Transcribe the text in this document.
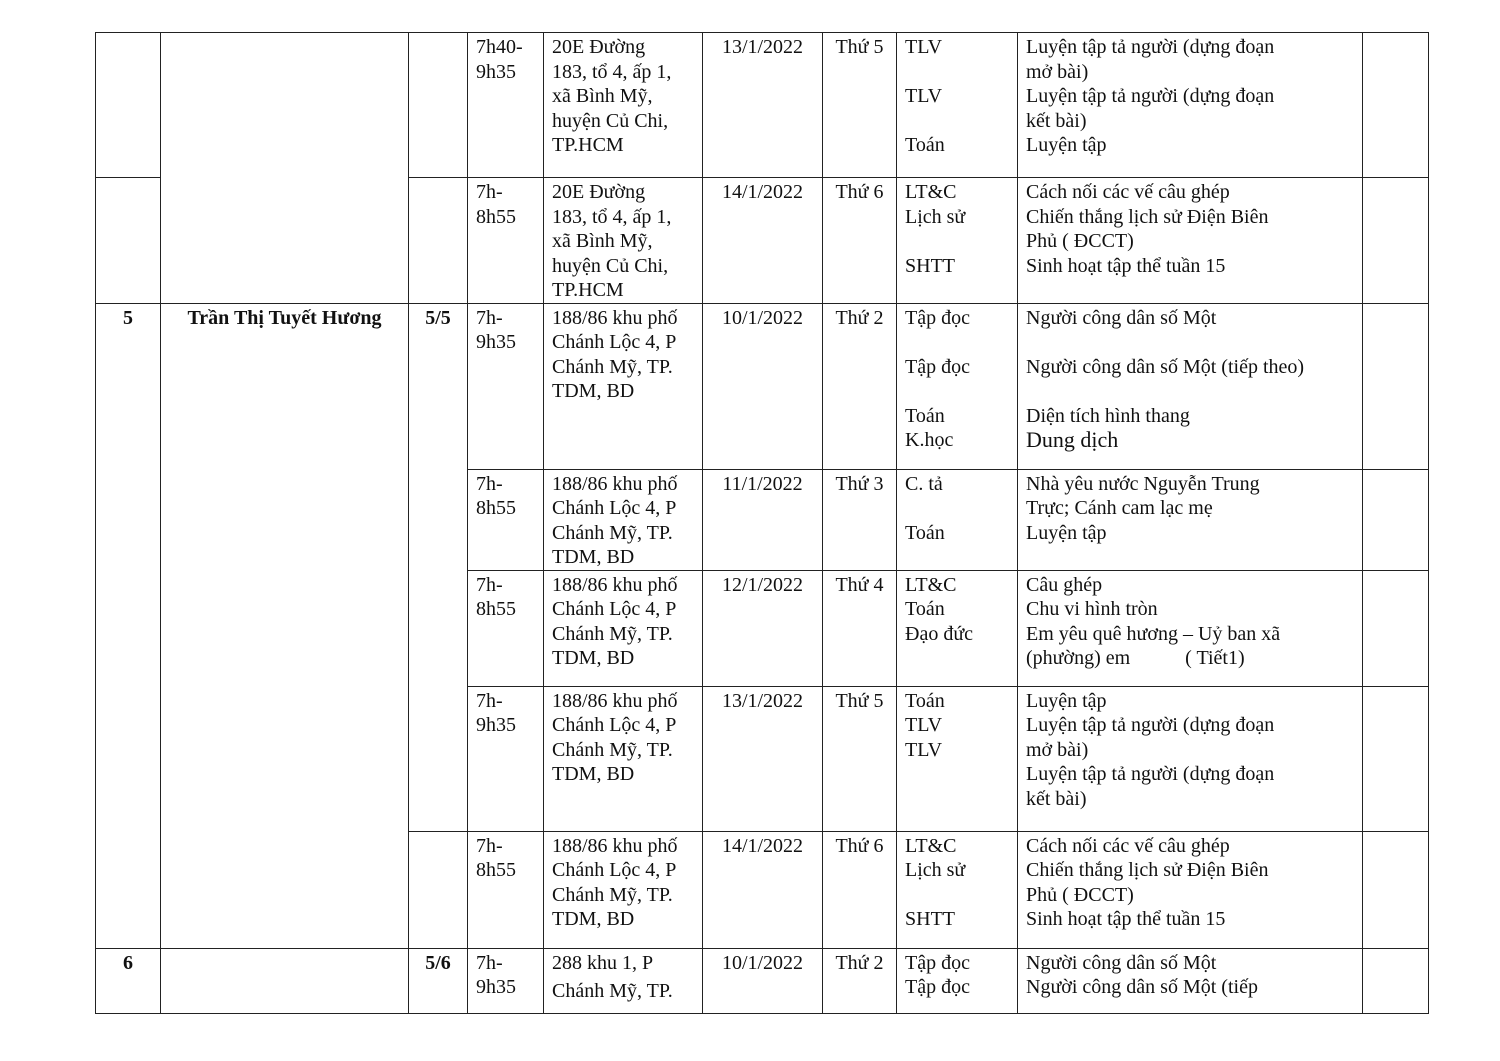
			7h40-
9h35	20E Đường
183, tổ 4, ấp 1,
xã Bình Mỹ,
huyện Củ Chi,
TP.HCM	13/1/2022	Thứ 5	TLV

TLV

Toán	Luyện tập tả người (dựng đoạn
mở bài)
Luyện tập tả người (dựng đoạn
kết bài)
Luyện tập	

			7h-
8h55	20E Đường
183, tổ 4, ấp 1,
xã Bình Mỹ,
huyện Củ Chi,
TP.HCM	14/1/2022	Thứ 6	LT&C
Lịch sử

SHTT	Cách nối các vế câu ghép
Chiến thắng lịch sử Điện Biên
Phủ ( ĐCCT)
Sinh hoạt tập thể tuần 15	

5	Trần Thị Tuyết Hương	5/5	7h-
9h35	188/86 khu phố
Chánh Lộc 4, P
Chánh Mỹ, TP.
TDM, BD	10/1/2022	Thứ 2	Tập đọc

Tập đọc

Toán
K.học	Người công dân số Một

Người công dân số Một (tiếp theo)

Diện tích hình thang
Dung dịch	

			7h-
8h55	188/86 khu phố
Chánh Lộc 4, P
Chánh Mỹ, TP.
TDM, BD	11/1/2022	Thứ 3	C. tả

Toán	Nhà yêu nước Nguyễn Trung
Trực; Cánh cam lạc mẹ
Luyện tập	

			7h-
8h55	188/86 khu phố
Chánh Lộc 4, P
Chánh Mỹ, TP.
TDM, BD	12/1/2022	Thứ 4	LT&C
Toán
Đạo đức	Câu ghép
Chu vi hình tròn
Em yêu quê hương – Uỷ ban xã
(phường) em           ( Tiết1)	

			7h-
9h35	188/86 khu phố
Chánh Lộc 4, P
Chánh Mỹ, TP.
TDM, BD	13/1/2022	Thứ 5	Toán
TLV
TLV	Luyện tập
Luyện tập tả người (dựng đoạn
mở bài)
Luyện tập tả người (dựng đoạn
kết bài)	

			7h-
8h55	188/86 khu phố
Chánh Lộc 4, P
Chánh Mỹ, TP.
TDM, BD	14/1/2022	Thứ 6	LT&C
Lịch sử

SHTT	Cách nối các vế câu ghép
Chiến thắng lịch sử Điện Biên
Phủ ( ĐCCT)
Sinh hoạt tập thể tuần 15	

6		5/6	7h-
9h35	288 khu 1, P
Chánh Mỹ, TP.	10/1/2022	Thứ 2	Tập đọc
Tập đọc	Người công dân số Một
Người công dân số Một (tiếp	
